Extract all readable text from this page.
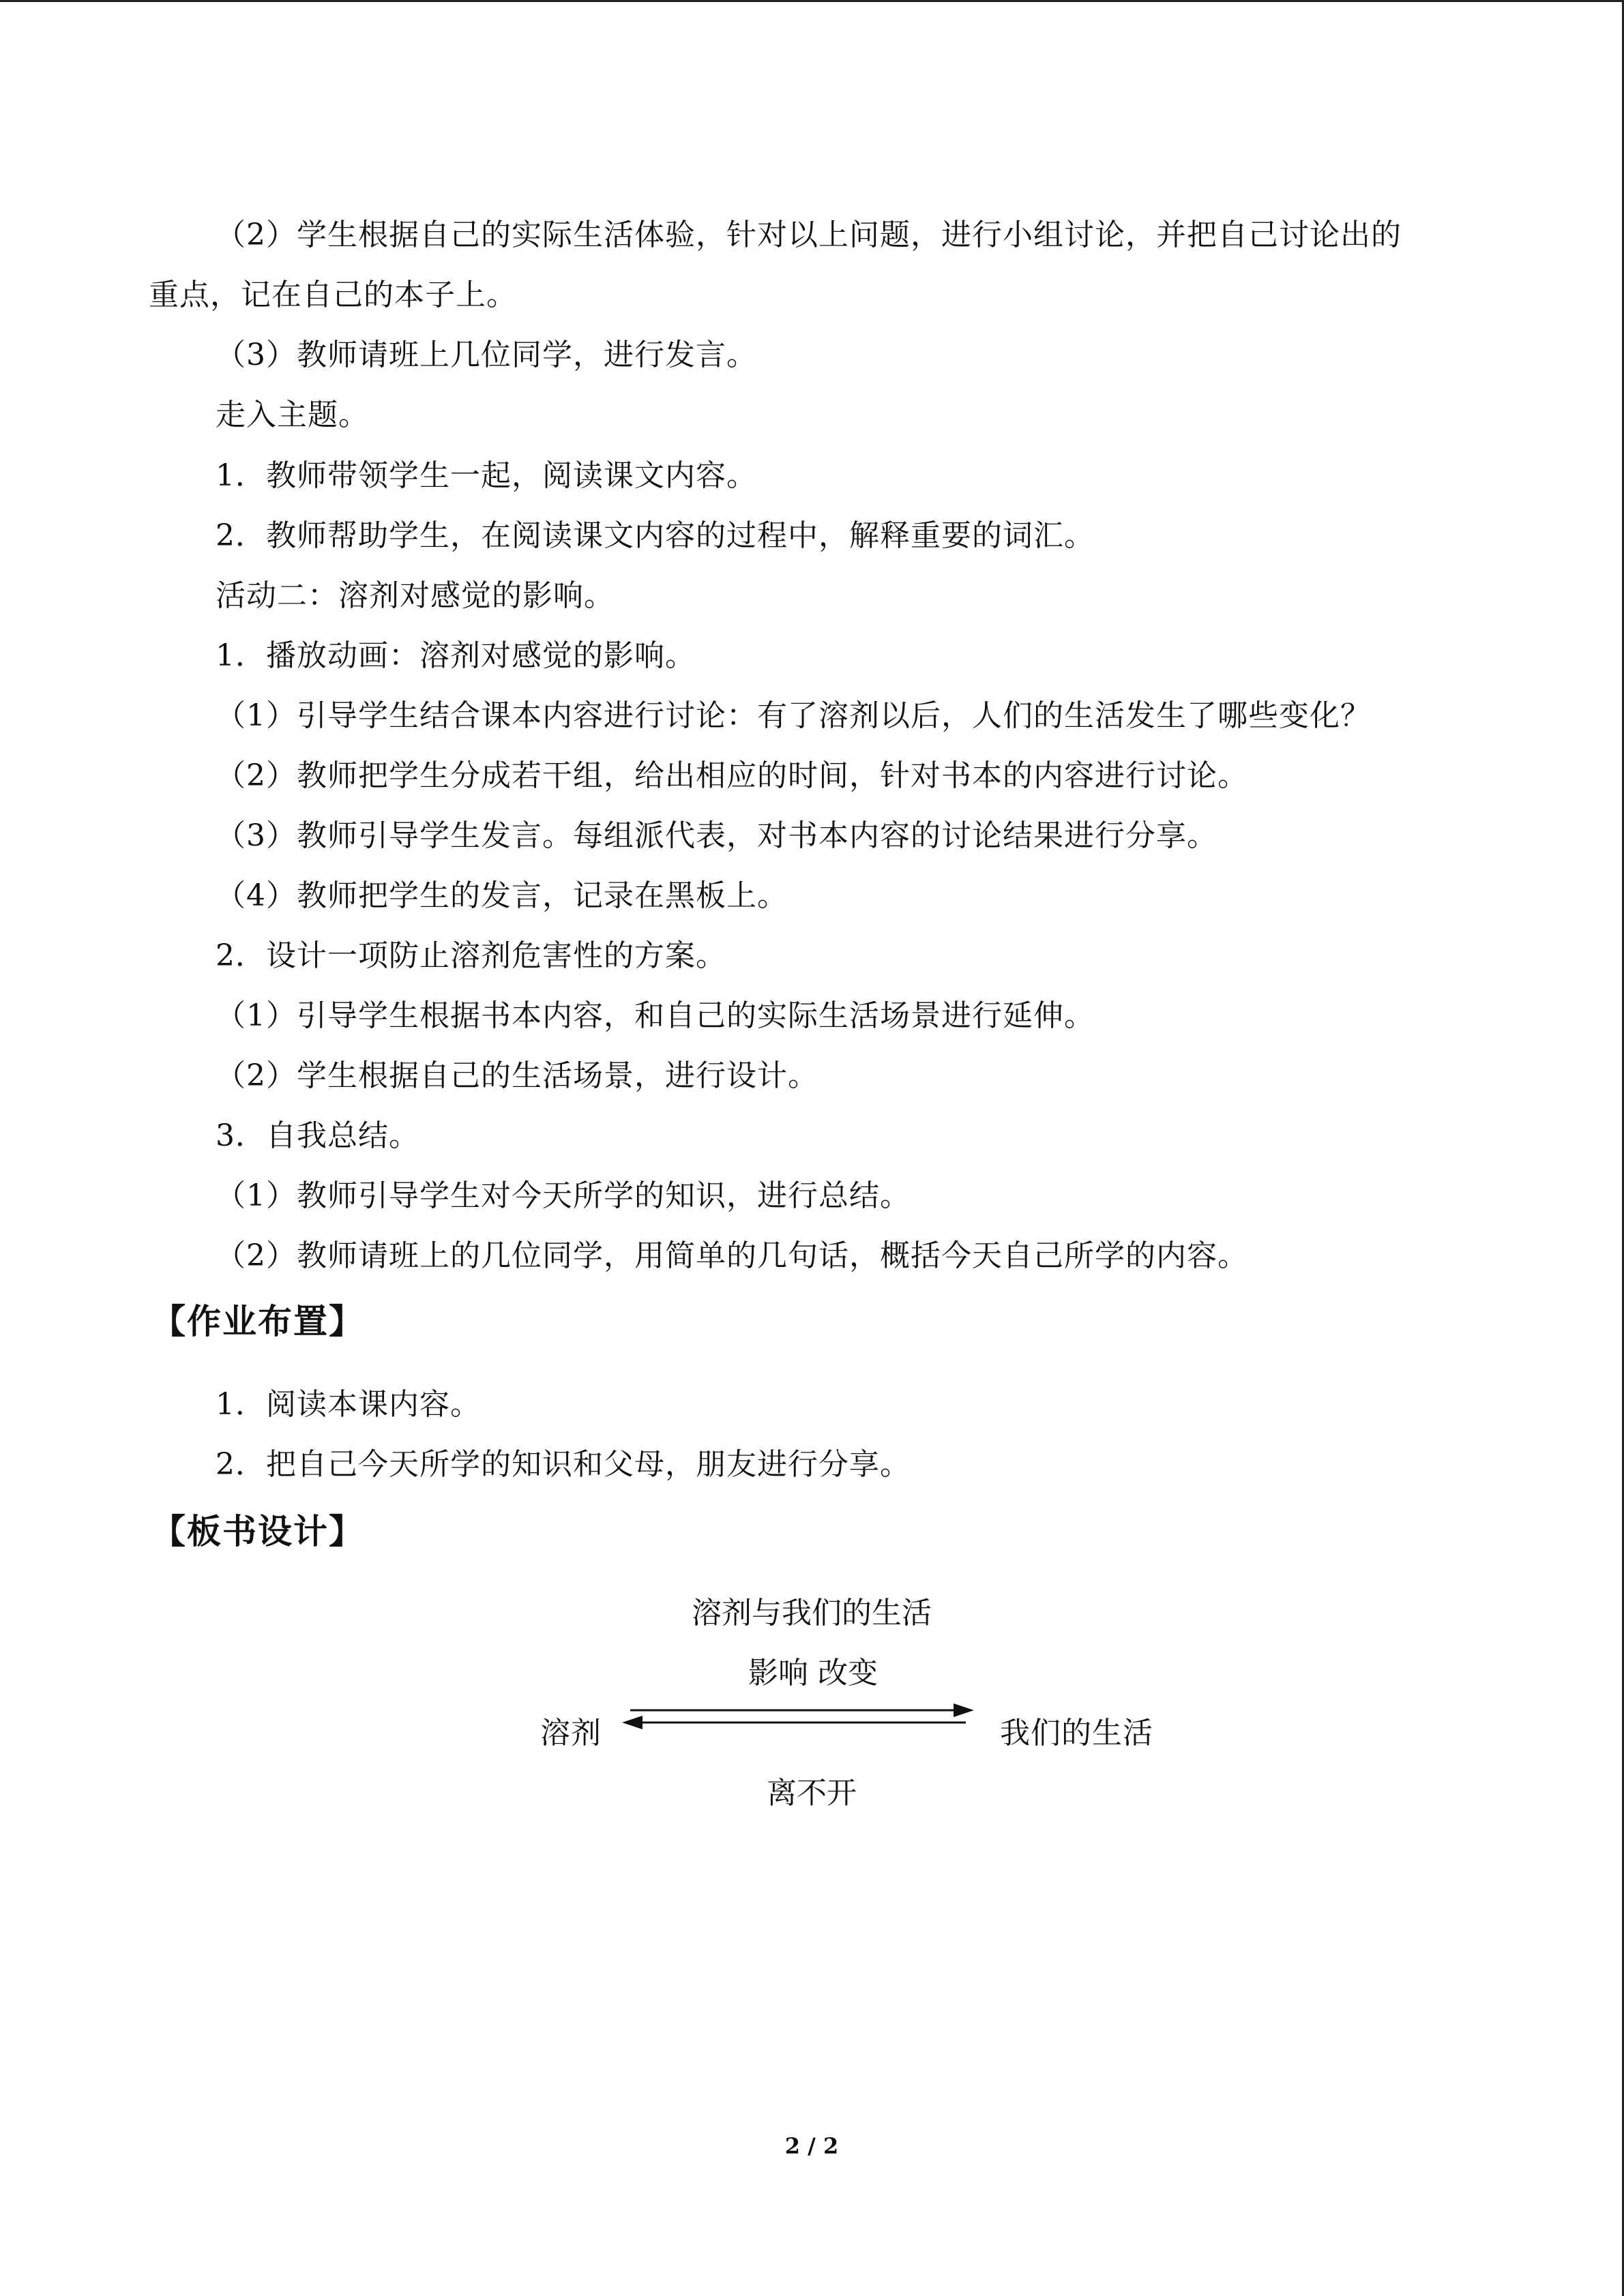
（2）学生根据自己的实际生活体验，针对以上问题，进行小组讨论，并把自己讨论出的
重点，记在自己的本子上。
（3）教师请班上几位同学，进行发言。
走入主题。
1．教师带领学生一起，阅读课文内容。
2．教师帮助学生，在阅读课文内容的过程中，解释重要的词汇。
活动二：溶剂对感觉的影响。
1．播放动画：溶剂对感觉的影响。
（1）引导学生结合课本内容进行讨论：有了溶剂以后，人们的生活发生了哪些变化？
（2）教师把学生分成若干组，给出相应的时间，针对书本的内容进行讨论。
（3）教师引导学生发言。每组派代表，对书本内容的讨论结果进行分享。
（4）教师把学生的发言，记录在黑板上。
2．设计一项防止溶剂危害性的方案。
（1）引导学生根据书本内容，和自己的实际生活场景进行延伸。
（2）学生根据自己的生活场景，进行设计。
3．自我总结。
（1）教师引导学生对今天所学的知识，进行总结。
（2）教师请班上的几位同学，用简单的几句话，概括今天自己所学的内容。
【作业布置】
1．阅读本课内容。
2．把自己今天所学的知识和父母，朋友进行分享。
【板书设计】
溶剂与我们的生活
影响 改变
溶剂	我们的生活
离不开
2 / 2
